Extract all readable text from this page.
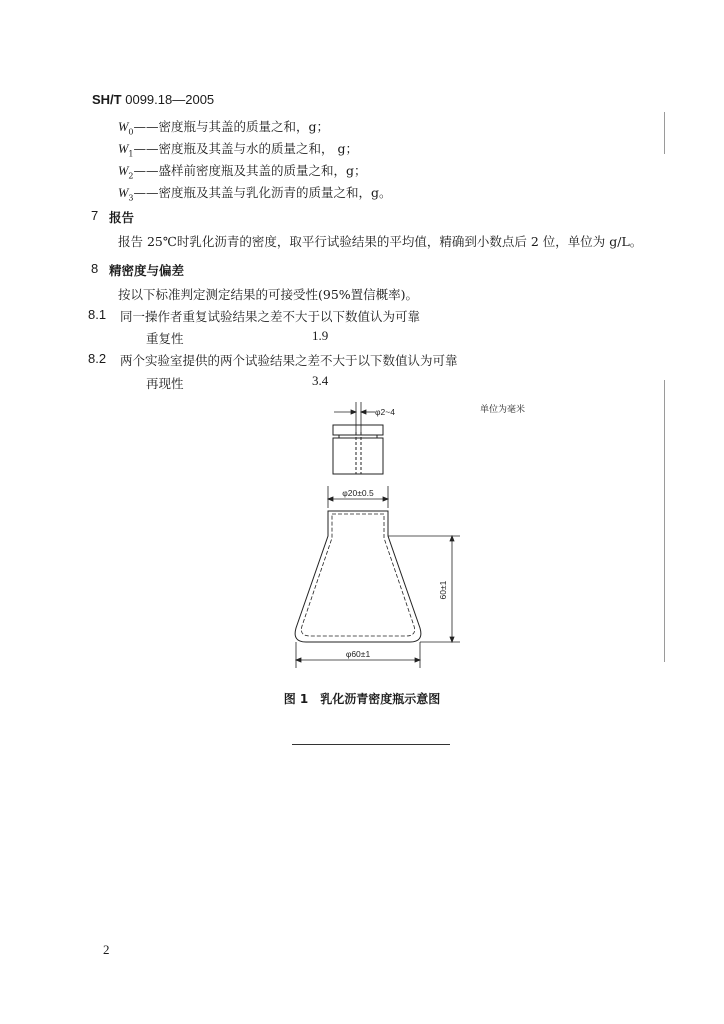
SH/T 0099.18—2005
$W_0——$密度瓶与其盖的质量之和，g；
$W_1——$密度瓶及其盖与水的质量之和， g；
$W_2——$盛样前密度瓶及其盖的质量之和，g；
$W_3——$密度瓶及其盖与乳化沥青的质量之和，g。
7 报告
报告 25℃时乳化沥青的密度，取平行试验结果的平均值，精确到小数点后 2 位，单位为 g/L。
8 精密度与偏差
按以下标准判定测定结果的可接受性(95%置信概率)。
8.1 同一操作者重复试验结果之差不大于以下数值认为可靠
重复性	1.9
8.2 两个实验室提供的两个试验结果之差不大于以下数值认为可靠
再现性	3.4
单位为毫米
φ2~4
φ20±0.5
60±1
φ60±1
图 1　乳化沥青密度瓶示意图
2
